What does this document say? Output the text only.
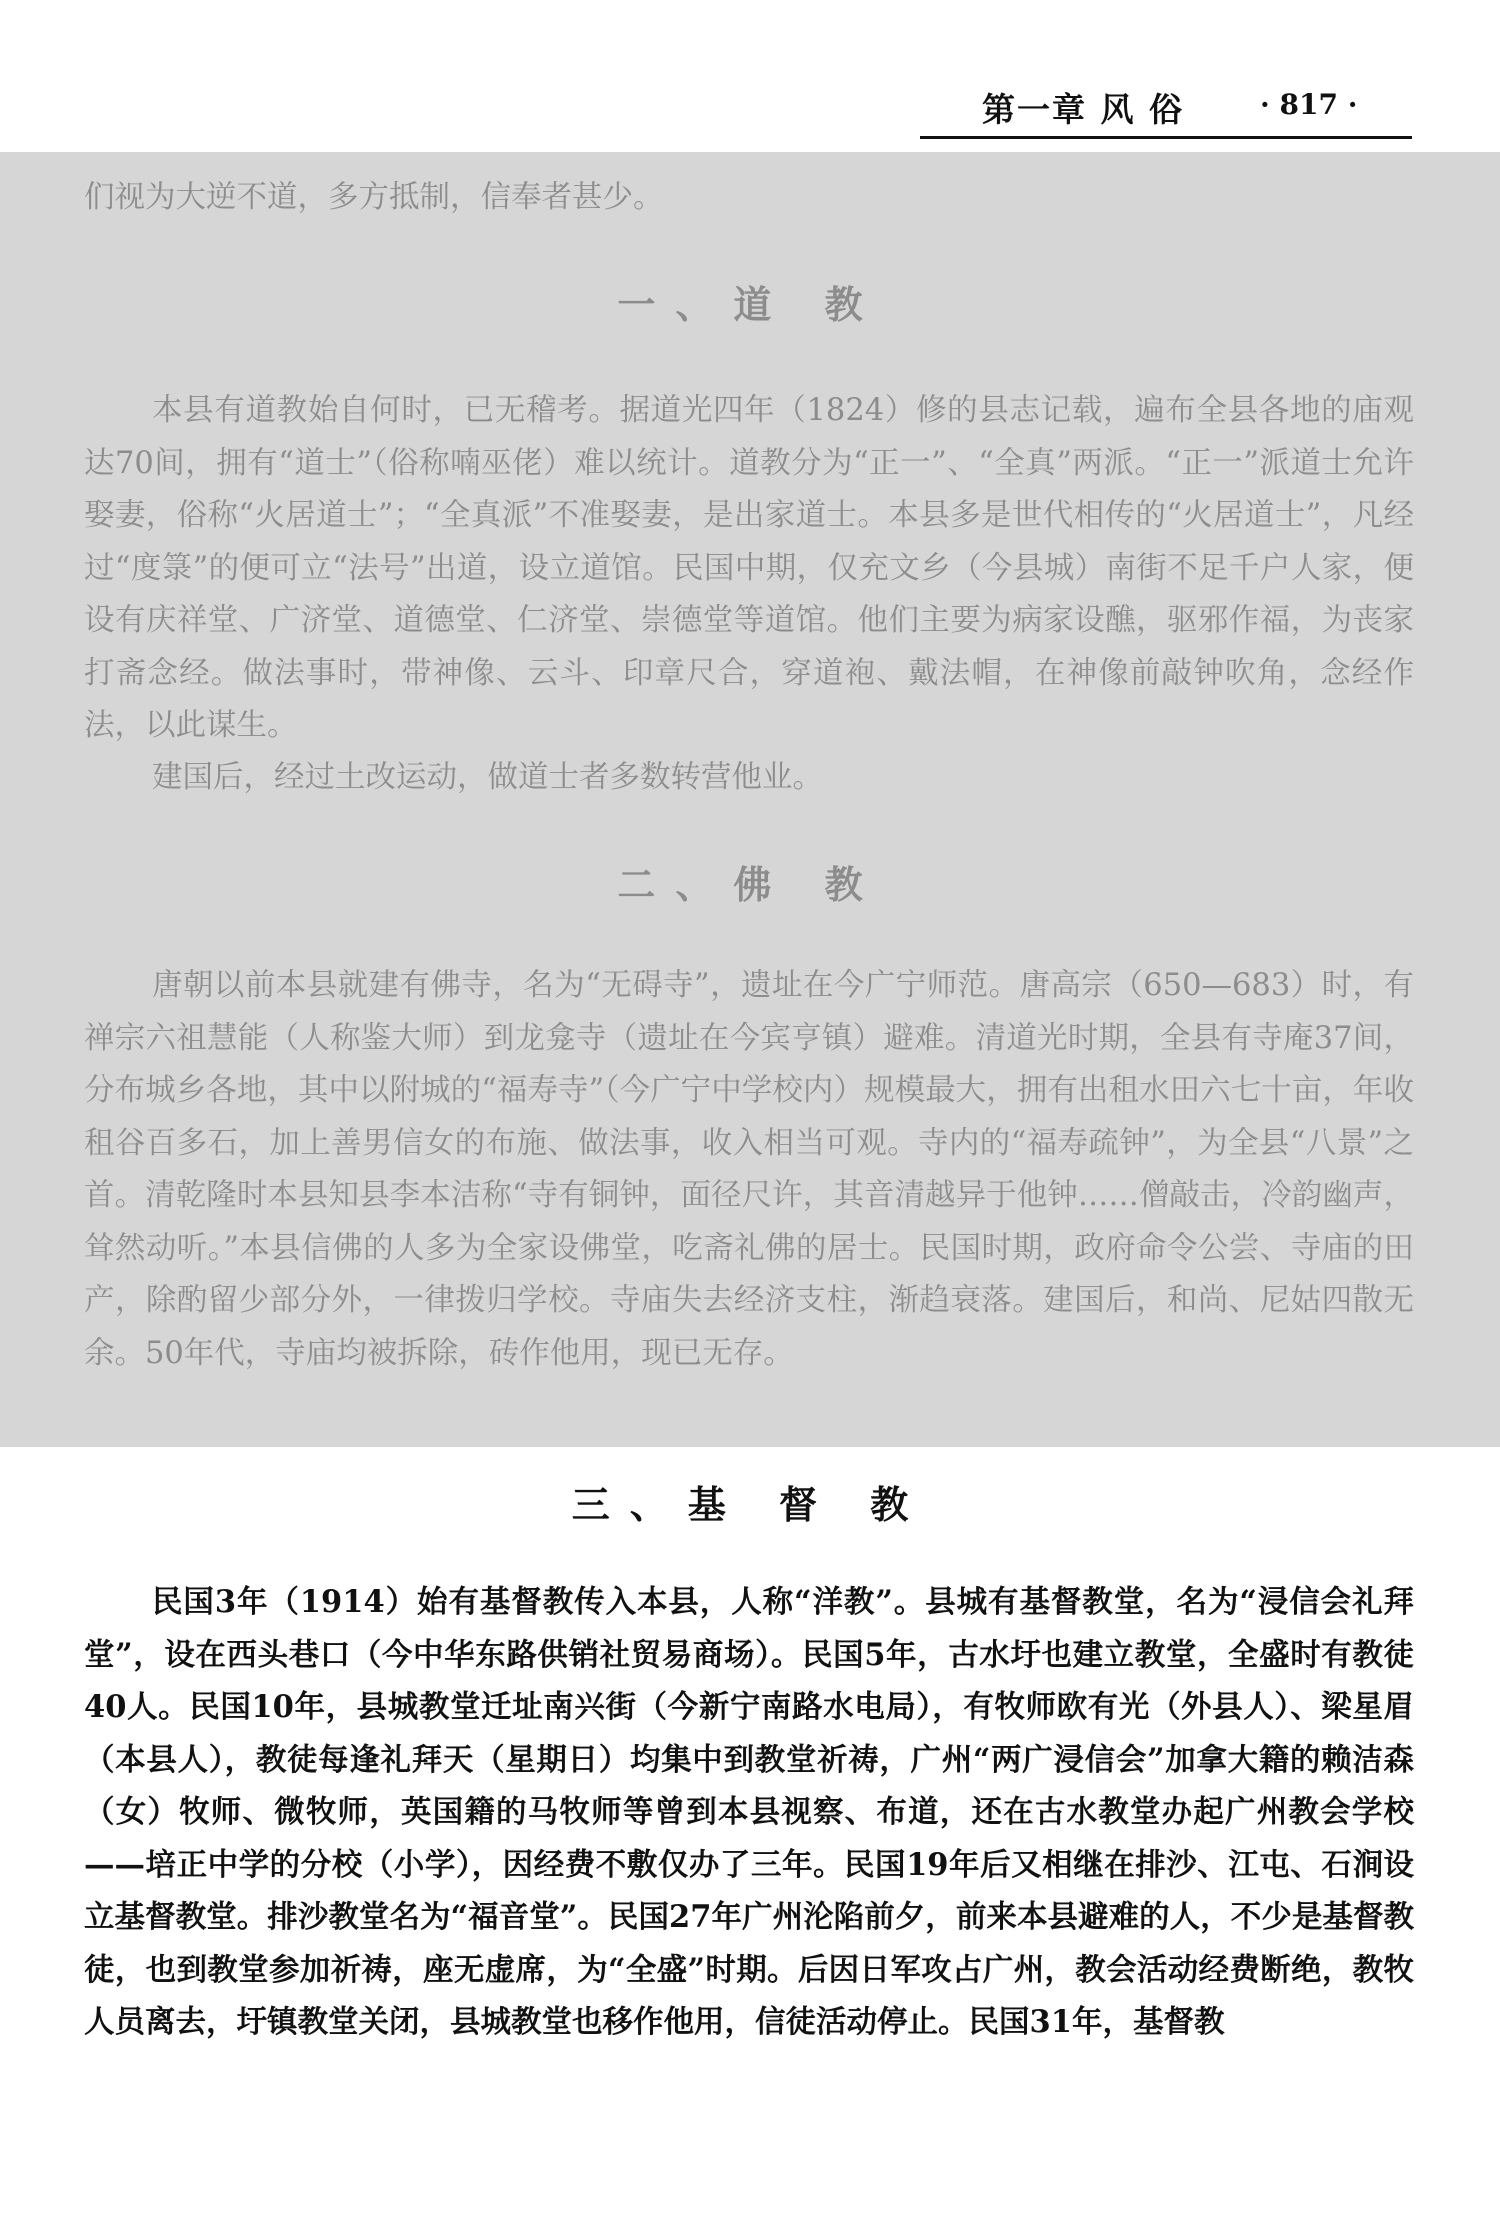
第一章 风 俗	· 817 ·

们视为大逆不道，多方抵制，信奉者甚少。

一、道 教

本县有道教始自何时，已无稽考。据道光四年（1824）修的县志记载，遍布全县各地的庙观达70间，拥有“道士”（俗称喃巫佬）难以统计。道教分为“正一”、“全真”两派。“正一”派道士允许娶妻，俗称“火居道士”；“全真派”不准娶妻，是出家道士。本县多是世代相传的“火居道士”，凡经过“度箓”的便可立“法号”出道，设立道馆。民国中期，仅充文乡（今县城）南街不足千户人家，便设有庆祥堂、广济堂、道德堂、仁济堂、崇德堂等道馆。他们主要为病家设醮，驱邪作福，为丧家打斋念经。做法事时，带神像、云斗、印章尺合，穿道袍、戴法帽，在神像前敲钟吹角，念经作法，以此谋生。

建国后，经过土改运动，做道士者多数转营他业。

二、佛 教

唐朝以前本县就建有佛寺，名为“无碍寺”，遗址在今广宁师范。唐高宗（650—683）时，有禅宗六祖慧能（人称鉴大师）到龙龛寺（遗址在今宾亨镇）避难。清道光时期，全县有寺庵37间，分布城乡各地，其中以附城的“福寿寺”（今广宁中学校内）规模最大，拥有出租水田六七十亩，年收租谷百多石，加上善男信女的布施、做法事，收入相当可观。寺内的“福寿疏钟”，为全县“八景”之首。清乾隆时本县知县李本洁称“寺有铜钟，面径尺许，其音清越异于他钟……僧敲击，冷韵幽声，耸然动听。”本县信佛的人多为全家设佛堂，吃斋礼佛的居士。民国时期，政府命令公尝、寺庙的田产，除酌留少部分外，一律拨归学校。寺庙失去经济支柱，渐趋衰落。建国后，和尚、尼姑四散无余。50年代，寺庙均被拆除，砖作他用，现已无存。

三、基 督 教

民国3年（1914）始有基督教传入本县，人称“洋教”。县城有基督教堂，名为“浸信会礼拜堂”，设在西头巷口（今中华东路供销社贸易商场）。民国5年，古水圩也建立教堂，全盛时有教徒40人。民国10年，县城教堂迁址南兴街（今新宁南路水电局），有牧师欧有光（外县人）、梁星眉（本县人），教徒每逢礼拜天（星期日）均集中到教堂祈祷，广州“两广浸信会”加拿大籍的赖洁森（女）牧师、微牧师，英国籍的马牧师等曾到本县视察、布道，还在古水教堂办起广州教会学校——培正中学的分校（小学），因经费不敷仅办了三年。民国19年后又相继在排沙、江屯、石涧设立基督教堂。排沙教堂名为“福音堂”。民国27年广州沦陷前夕，前来本县避难的人，不少是基督教徒，也到教堂参加祈祷，座无虚席，为“全盛”时期。后因日军攻占广州，教会活动经费断绝，教牧人员离去，圩镇教堂关闭，县城教堂也移作他用，信徒活动停止。民国31年，基督教
